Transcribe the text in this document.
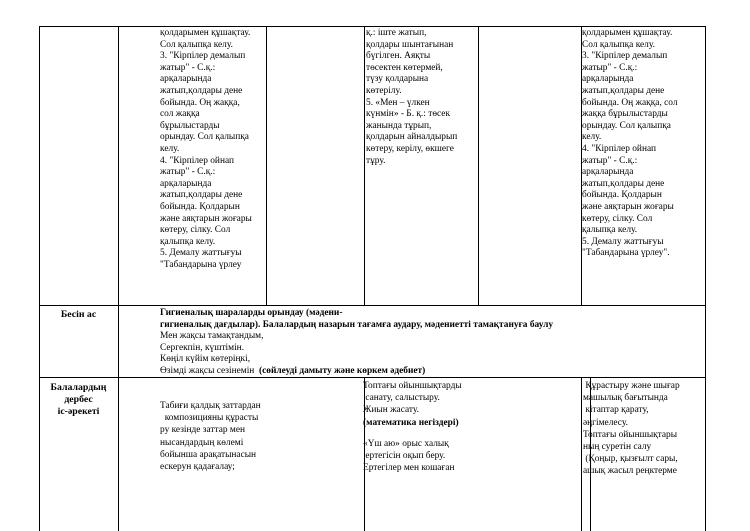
қолдарымен құшақтау.
Сол қалыпқа келу.
3. "Кірпілер демалып
жатыр" - С.қ.:
арқаларында
жатып,қолдары дене
бойында. Оң жаққа,
сол жаққа
бұрылыстарды
орындау. Сол қалыпқа
келу.
4. "Кірпілер ойнап
жатыр" - С.қ.:
арқаларында
жатып,қолдары дене
бойында. Қолдарын
және аяқтарын жоғары
көтеру, сілку. Сол
қалыпқа келу.
5. Демалу жаттығуы
"Табандарына үрлеу
қ.: іште жатып,
қолдары шынтағынан
бүгілген. Аяқты
төсектен көтермей,
түзу қолдарына
көтерілу.
5. «Мен – үлкен
күнмін» - Б. қ.: төсек
жанында тұрып,
қолдарын айналдырып
көтеру, керілу, өкшеге
тұру.
қолдарымен құшақтау.
Сол қалыпқа келу.
3. "Кірпілер демалып
жатыр" - С.қ.:
арқаларында
жатып,қолдары дене
бойында. Оң жаққа, сол
жаққа бұрылыстарды
орындау. Сол қалыпқа
келу.
4. "Кірпілер ойнап
жатыр" - С.қ.:
арқаларында
жатып,қолдары дене
бойында. Қолдарын
және аяқтарын жоғары
көтеру, сілку. Сол
қалыпқа келу.
5. Демалу жаттығуы
"Табандарына үрлеу".
Бесін ас	Гигиеналық шараларды орындау (мәдени-
гигиеналық дағдылар). Балалардың назарын тағамға аудару, мәдениетті тамақтануға баулу
Мен жақсы тамақтандым,
Сергекпін, күштімін.
Көңіл күйім көтеріңкі,
Өзімді жақсы сезінемін  (сөйлеуді дамыту және көркем әдебиет)
Балалардың дербес
іс-әрекеті	Табиғи қалдық заттардан
композицияны құрасты
ру кезінде заттар мен
нысандардың көлемі
бойынша арақатынасын
ескерун қадағалау;
Топтағы ойыншықтарды
санату, салыстыру.
Жиын жасату.
(математика негіздері)
«Үш аю» орыс халық
ертегісін оқып беру.
Ертегілер мен кошаған
Құрастыру және шығар
машылық бағытында
кітаптар қарату,
әңгімелесу.
Топтағы ойыншықтары
ның суретін салу
(Қоңыр, қызғылт сары,
ашық жасыл реңктерме
